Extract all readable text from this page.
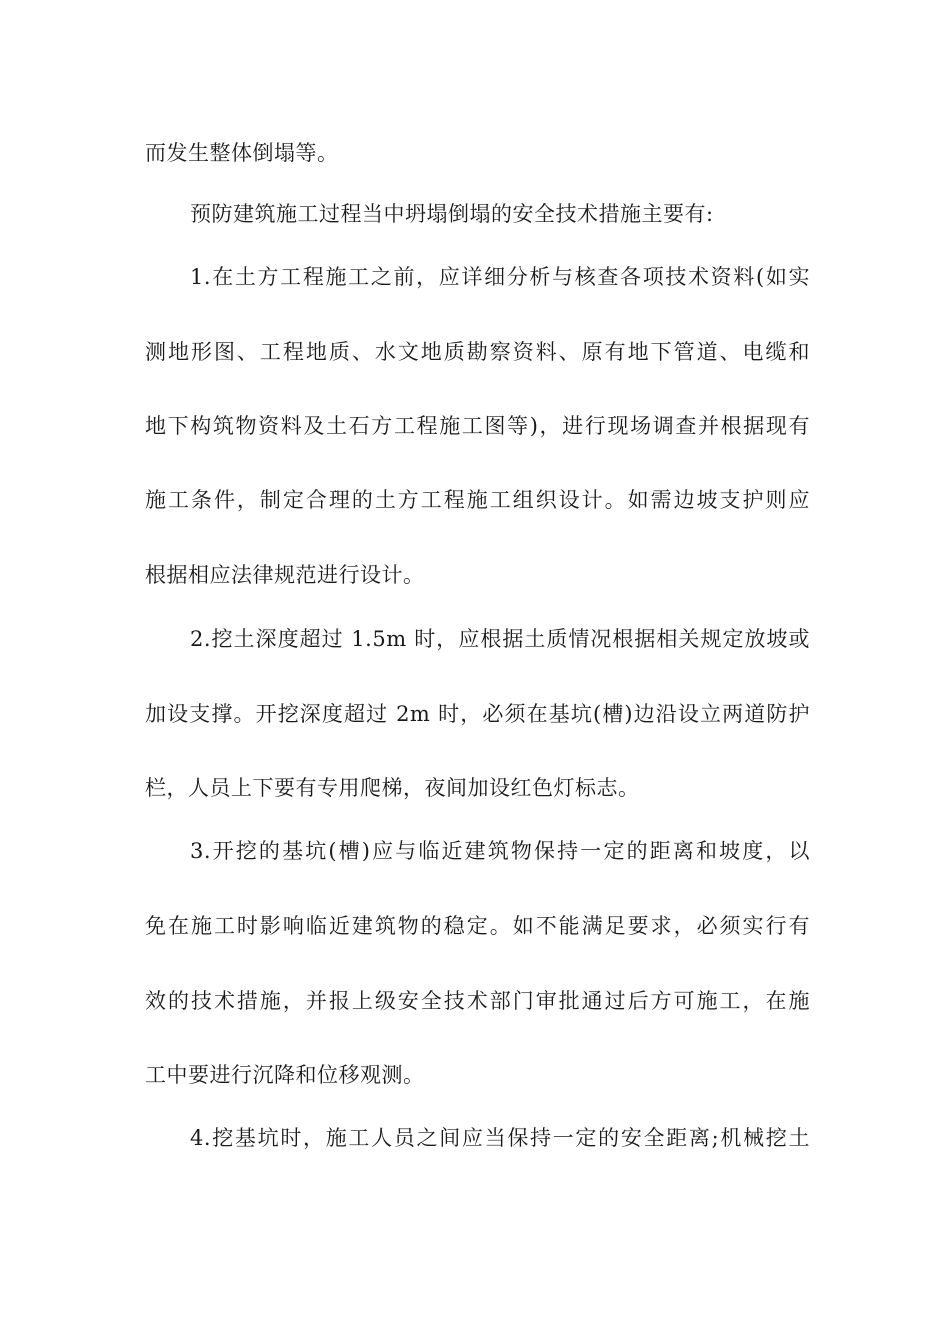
而发生整体倒塌等。
预防建筑施工过程当中坍塌倒塌的安全技术措施主要有:
1.在土方工程施工之前，应详细分析与核查各项技术资料(如实
测地形图、工程地质、水文地质勘察资料、原有地下管道、电缆和
地下构筑物资料及土石方工程施工图等)，进行现场调查并根据现有
施工条件，制定合理的土方工程施工组织设计。如需边坡支护则应
根据相应法律规范进行设计。
2.挖土深度超过 1.5m 时，应根据土质情况根据相关规定放坡或
加设支撑。开挖深度超过 2m 时，必须在基坑(槽)边沿设立两道防护
栏，人员上下要有专用爬梯，夜间加设红色灯标志。
3.开挖的基坑(槽)应与临近建筑物保持一定的距离和坡度，以
免在施工时影响临近建筑物的稳定。如不能满足要求，必须实行有
效的技术措施，并报上级安全技术部门审批通过后方可施工，在施
工中要进行沉降和位移观测。
4.挖基坑时，施工人员之间应当保持一定的安全距离;机械挖土
